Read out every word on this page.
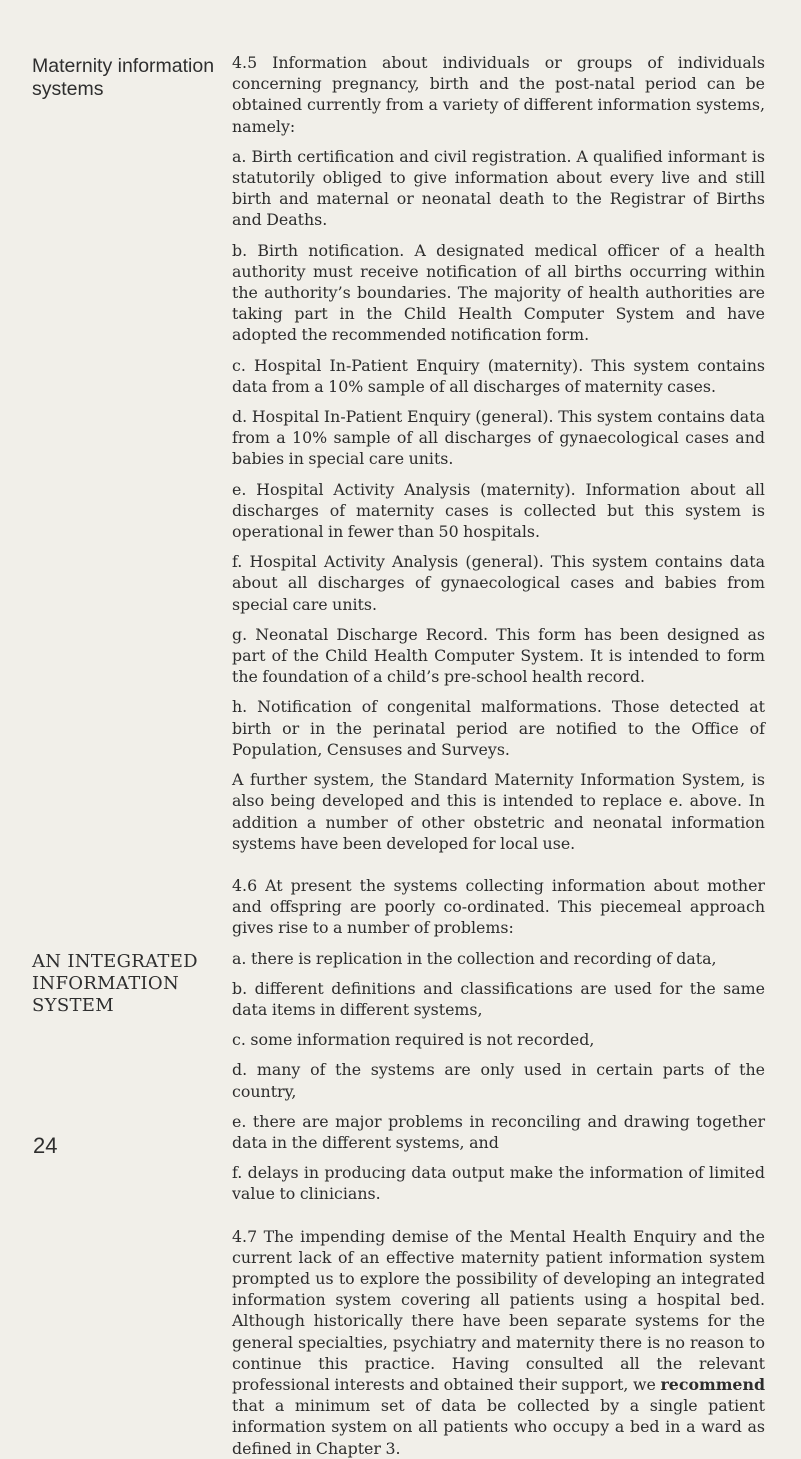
Maternity information

systems

AN INTEGRATED

INFORMATION

SYSTEM

24

4.5 Information about individuals or groups of individuals concerning pregnancy, birth and the post-natal period can be obtained currently from a variety of different information systems, namely:

a. Birth certification and civil registration. A qualified informant is statutorily obliged to give information about every live and still birth and maternal or neonatal death to the Registrar of Births and Deaths.

b. Birth notification. A designated medical officer of a health authority must receive notification of all births occurring within the authority’s boundaries. The majority of health authorities are taking part in the Child Health Computer System and have adopted the recommended notification form.

c. Hospital In-Patient Enquiry (maternity). This system contains data from a 10% sample of all discharges of maternity cases.

d. Hospital In-Patient Enquiry (general). This system contains data from a 10% sample of all discharges of gynaecological cases and babies in special care units.

e. Hospital Activity Analysis (maternity). Information about all discharges of maternity cases is collected but this system is operational in fewer than 50 hospitals.

f. Hospital Activity Analysis (general). This system contains data about all discharges of gynaecological cases and babies from special care units.

g. Neonatal Discharge Record. This form has been designed as part of the Child Health Computer System. It is intended to form the foundation of a child’s pre-school health record.

h. Notification of congenital malformations. Those detected at birth or in the perinatal period are notified to the Office of Population, Censuses and Surveys.

A further system, the Standard Maternity Information System, is also being developed and this is intended to replace e. above. In addition a number of other obstetric and neonatal information systems have been developed for local use.

4.6 At present the systems collecting information about mother and offspring are poorly co-ordinated. This piecemeal approach gives rise to a number of problems:

a. there is replication in the collection and recording of data,

b. different definitions and classifications are used for the same data items in different systems,

c. some information required is not recorded,

d. many of the systems are only used in certain parts of the country,

e. there are major problems in reconciling and drawing together data in the different systems, and

f. delays in producing data output make the information of limited value to clinicians.

4.7 The impending demise of the Mental Health Enquiry and the current lack of an effective maternity patient information system prompted us to explore the possibility of developing an integrated information system covering all patients using a hospital bed. Although historically there have been separate systems for the general specialties, psychiatry and maternity there is no reason to continue this practice. Having consulted all the relevant professional interests and obtained their support, we recommend that a minimum set of data be collected by a single patient information system on all patients who occupy a bed in a ward as defined in Chapter 3.
